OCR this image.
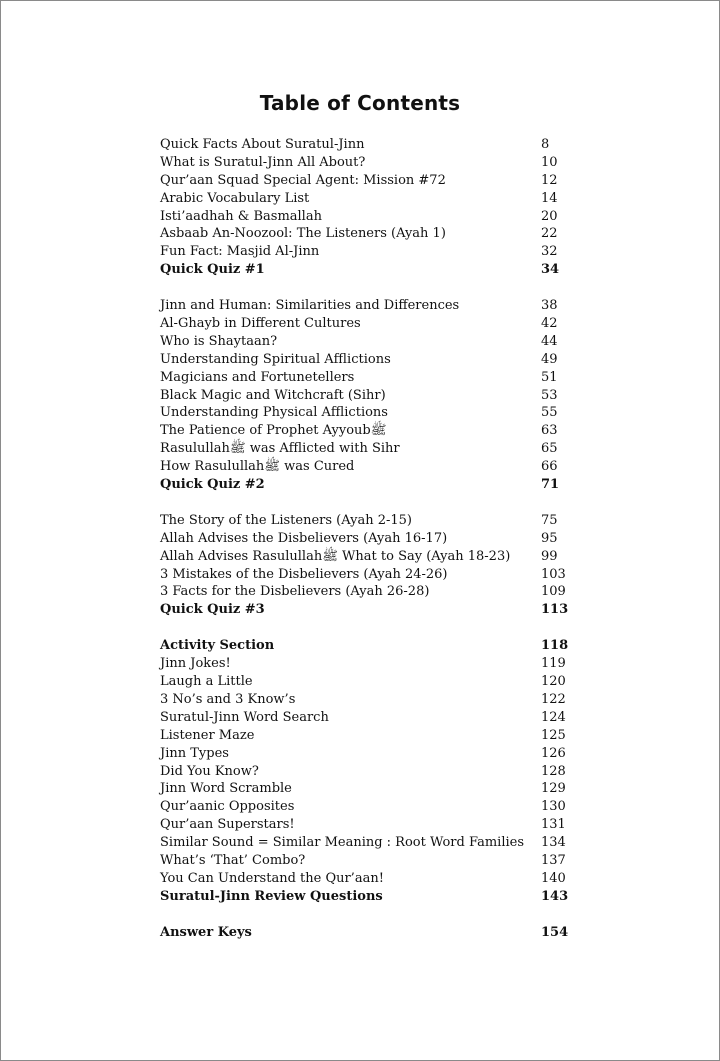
Table of Contents
Quick Facts About Suratul-Jinn	8
What is Suratul-Jinn All About?	10
Qur’aan Squad Special Agent: Mission #72	12
Arabic Vocabulary List	14
Isti’aadhah & Basmallah	20
Asbaab An-Noozool: The Listeners (Ayah 1)	22
Fun Fact: Masjid Al-Jinn	32
Quick Quiz #1	34
Jinn and Human: Similarities and Differences	38
Al-Ghayb in Different Cultures	42
Who is Shaytaan?	44
Understanding Spiritual Afflictions	49
Magicians and Fortunetellers	51
Black Magic and Witchcraft (Sihr)	53
Understanding Physical Afflictions	55
The Patience of Prophet Ayyoubﷺ	63
Rasulullahﷺ was Afflicted with Sihr	65
How Rasulullahﷺ was Cured	66
Quick Quiz #2	71
The Story of the Listeners (Ayah 2-15)	75
Allah Advises the Disbelievers (Ayah 16-17)	95
Allah Advises Rasulullahﷺ What to Say (Ayah 18-23) 99
3 Mistakes of the Disbelievers (Ayah 24-26)	103
3 Facts for the Disbelievers (Ayah 26-28)	109
Quick Quiz #3	113
Activity Section	118
Jinn Jokes!	119
Laugh a Little	120
3 No’s and 3 Know’s	122
Suratul-Jinn Word Search	124
Listener Maze	125
Jinn Types	126
Did You Know?	128
Jinn Word Scramble	129
Qur’aanic Opposites	130
Qur’aan Superstars!	131
Similar Sound = Similar Meaning : Root Word Families 134
What’s ‘That’ Combo?	137
You Can Understand the Qur’aan!	140
Suratul-Jinn Review Questions	143
Answer Keys	154
